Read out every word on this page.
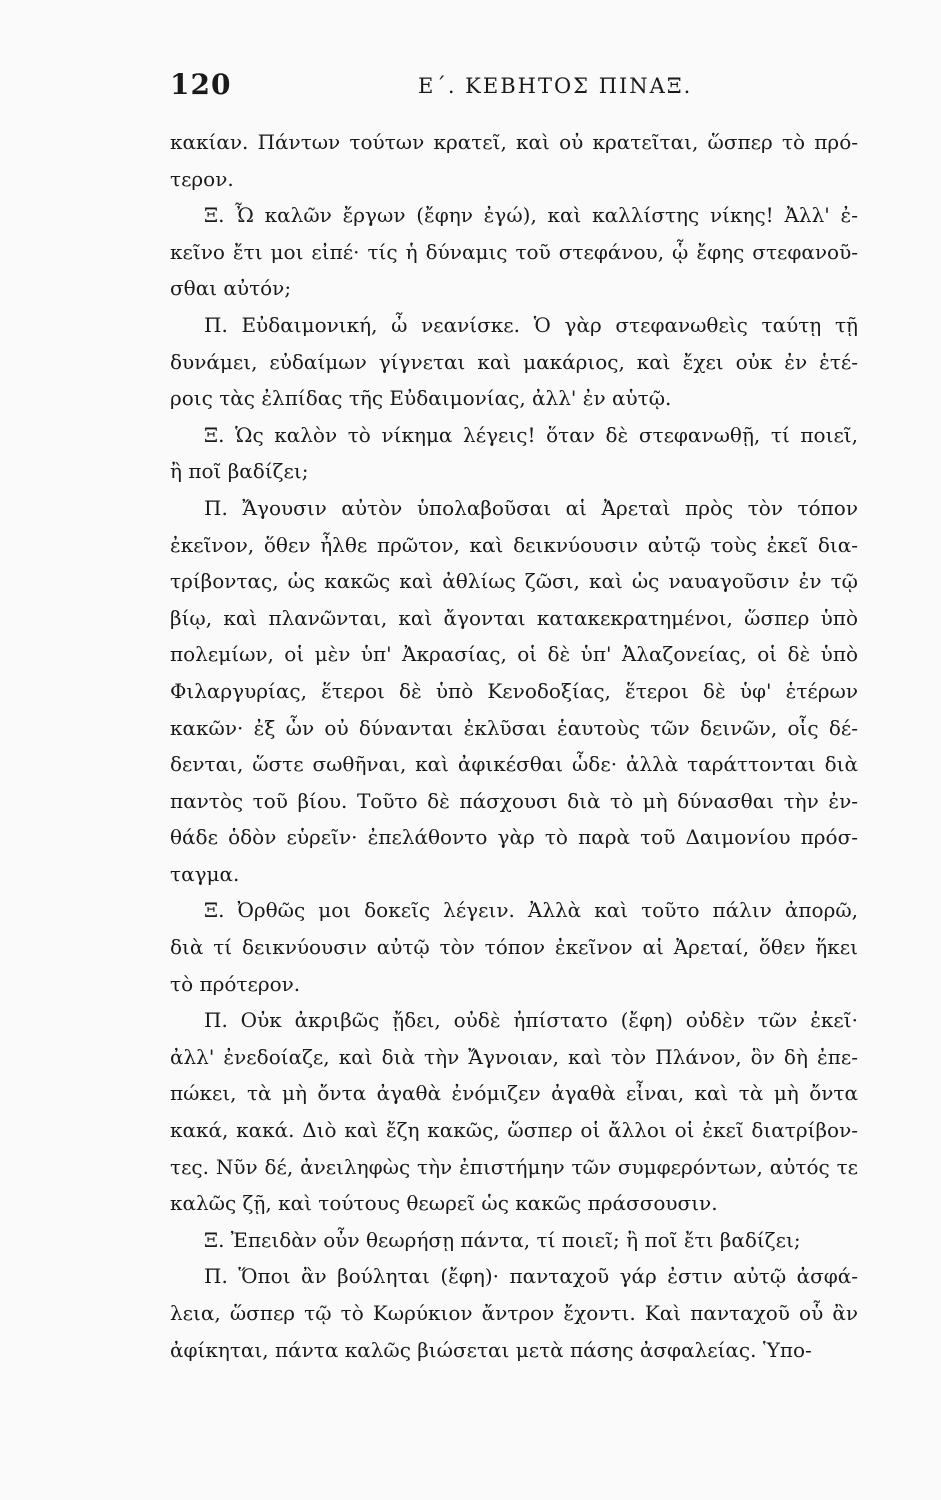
120	Ε΄. ΚΕΒΗΤΟΣ ΠΙΝΑΞ.
κακίαν. Πάντων τούτων κρατεῖ, καὶ οὐ κρατεῖται, ὥσπερ τὸ πρό-
τερον.
Ξ. Ὦ καλῶν ἔργων (ἔφην ἐγώ), καὶ καλλίστης νίκης! Ἀλλ' ἐ-
κεῖνο ἔτι μοι εἰπέ· τίς ἡ δύναμις τοῦ στεφάνου, ᾧ ἔφης στεφανοῦ-
σθαι αὐτόν;
Π. Εὐδαιμονική, ὦ νεανίσκε. Ὁ γὰρ στεφανωθεὶς ταύτῃ τῇ
δυνάμει, εὐδαίμων γίγνεται καὶ μακάριος, καὶ ἔχει οὐκ ἐν ἑτέ-
ροις τὰς ἐλπίδας τῆς Εὐδαιμονίας, ἀλλ' ἐν αὑτῷ.
Ξ. Ὡς καλὸν τὸ νίκημα λέγεις! ὅταν δὲ στεφανωθῇ, τί ποιεῖ,
ἢ ποῖ βαδίζει;
Π. Ἄγουσιν αὐτὸν ὑπολαβοῦσαι αἱ Ἀρεταὶ πρὸς τὸν τόπον
ἐκεῖνον, ὅθεν ἦλθε πρῶτον, καὶ δεικνύουσιν αὐτῷ τοὺς ἐκεῖ δια-
τρίβοντας, ὡς κακῶς καὶ ἀθλίως ζῶσι, καὶ ὡς ναυαγοῦσιν ἐν τῷ
βίῳ, καὶ πλανῶνται, καὶ ἄγονται κατακεκρατημένοι, ὥσπερ ὑπὸ
πολεμίων, οἱ μὲν ὑπ' Ἀκρασίας, οἱ δὲ ὑπ' Ἀλαζονείας, οἱ δὲ ὑπὸ
Φιλαργυρίας, ἕτεροι δὲ ὑπὸ Κενοδοξίας, ἕτεροι δὲ ὑφ' ἑτέρων
κακῶν· ἐξ ὧν οὐ δύνανται ἐκλῦσαι ἑαυτοὺς τῶν δεινῶν, οἷς δέ-
δενται, ὥστε σωθῆναι, καὶ ἀφικέσθαι ὧδε· ἀλλὰ ταράττονται διὰ
παντὸς τοῦ βίου. Τοῦτο δὲ πάσχουσι διὰ τὸ μὴ δύνασθαι τὴν ἐν-
θάδε ὁδὸν εὑρεῖν· ἐπελάθοντο γὰρ τὸ παρὰ τοῦ Δαιμονίου πρόσ-
ταγμα.
Ξ. Ὀρθῶς μοι δοκεῖς λέγειν. Ἀλλὰ καὶ τοῦτο πάλιν ἀπορῶ,
διὰ τί δεικνύουσιν αὐτῷ τὸν τόπον ἐκεῖνον αἱ Ἀρεταί, ὅθεν ἥκει
τὸ πρότερον.
Π. Οὐκ ἀκριβῶς ᾔδει, οὐδὲ ἠπίστατο (ἔφη) οὐδὲν τῶν ἐκεῖ·
ἀλλ' ἐνεδοίαζε, καὶ διὰ τὴν Ἄγνοιαν, καὶ τὸν Πλάνον, ὃν δὴ ἐπε-
πώκει, τὰ μὴ ὄντα ἀγαθὰ ἐνόμιζεν ἀγαθὰ εἶναι, καὶ τὰ μὴ ὄντα
κακά, κακά. Διὸ καὶ ἔζη κακῶς, ὥσπερ οἱ ἄλλοι οἱ ἐκεῖ διατρίβον-
τες. Νῦν δέ, ἀνειληφὼς τὴν ἐπιστήμην τῶν συμφερόντων, αὐτός τε
καλῶς ζῇ, καὶ τούτους θεωρεῖ ὡς κακῶς πράσσουσιν.
Ξ. Ἐπειδὰν οὖν θεωρήσῃ πάντα, τί ποιεῖ; ἢ ποῖ ἔτι βαδίζει;
Π. Ὅποι ἂν βούληται (ἔφη)· πανταχοῦ γάρ ἐστιν αὐτῷ ἀσφά-
λεια, ὥσπερ τῷ τὸ Κωρύκιον ἄντρον ἔχοντι. Καὶ πανταχοῦ οὗ ἂν
ἀφίκηται, πάντα καλῶς βιώσεται μετὰ πάσης ἀσφαλείας. Ὑπο-
